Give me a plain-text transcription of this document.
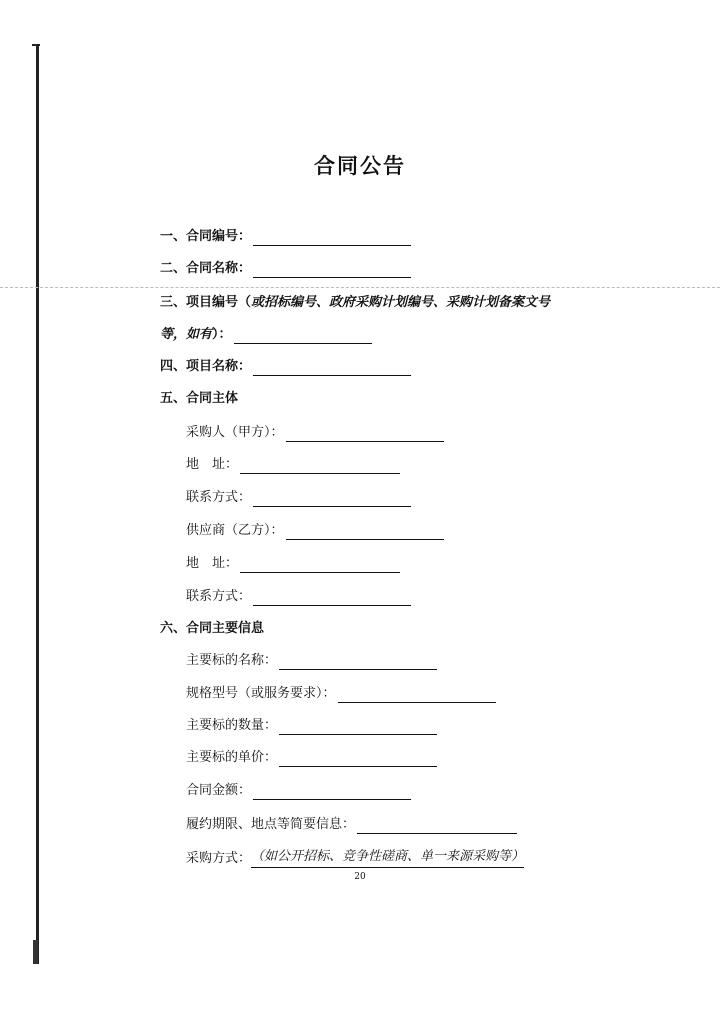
合同公告
一、合同编号：
二、合同名称：
三、项目编号（ 或招标编号、政府采购计划编号、采购计划备案文号
等，如有 ）：
四、项目名称：
五、合同主体
采购人（甲方）：
地　址：
联系方式：
供应商（乙方）：
地　址：
联系方式：
六、合同主要信息
主要标的名称：
规格型号（或服务要求）：
主要标的数量：
主要标的单价：
合同金额：
履约期限、地点等简要信息：
采购方式： （如公开招标、竞争性磋商、单一来源采购等）
20
